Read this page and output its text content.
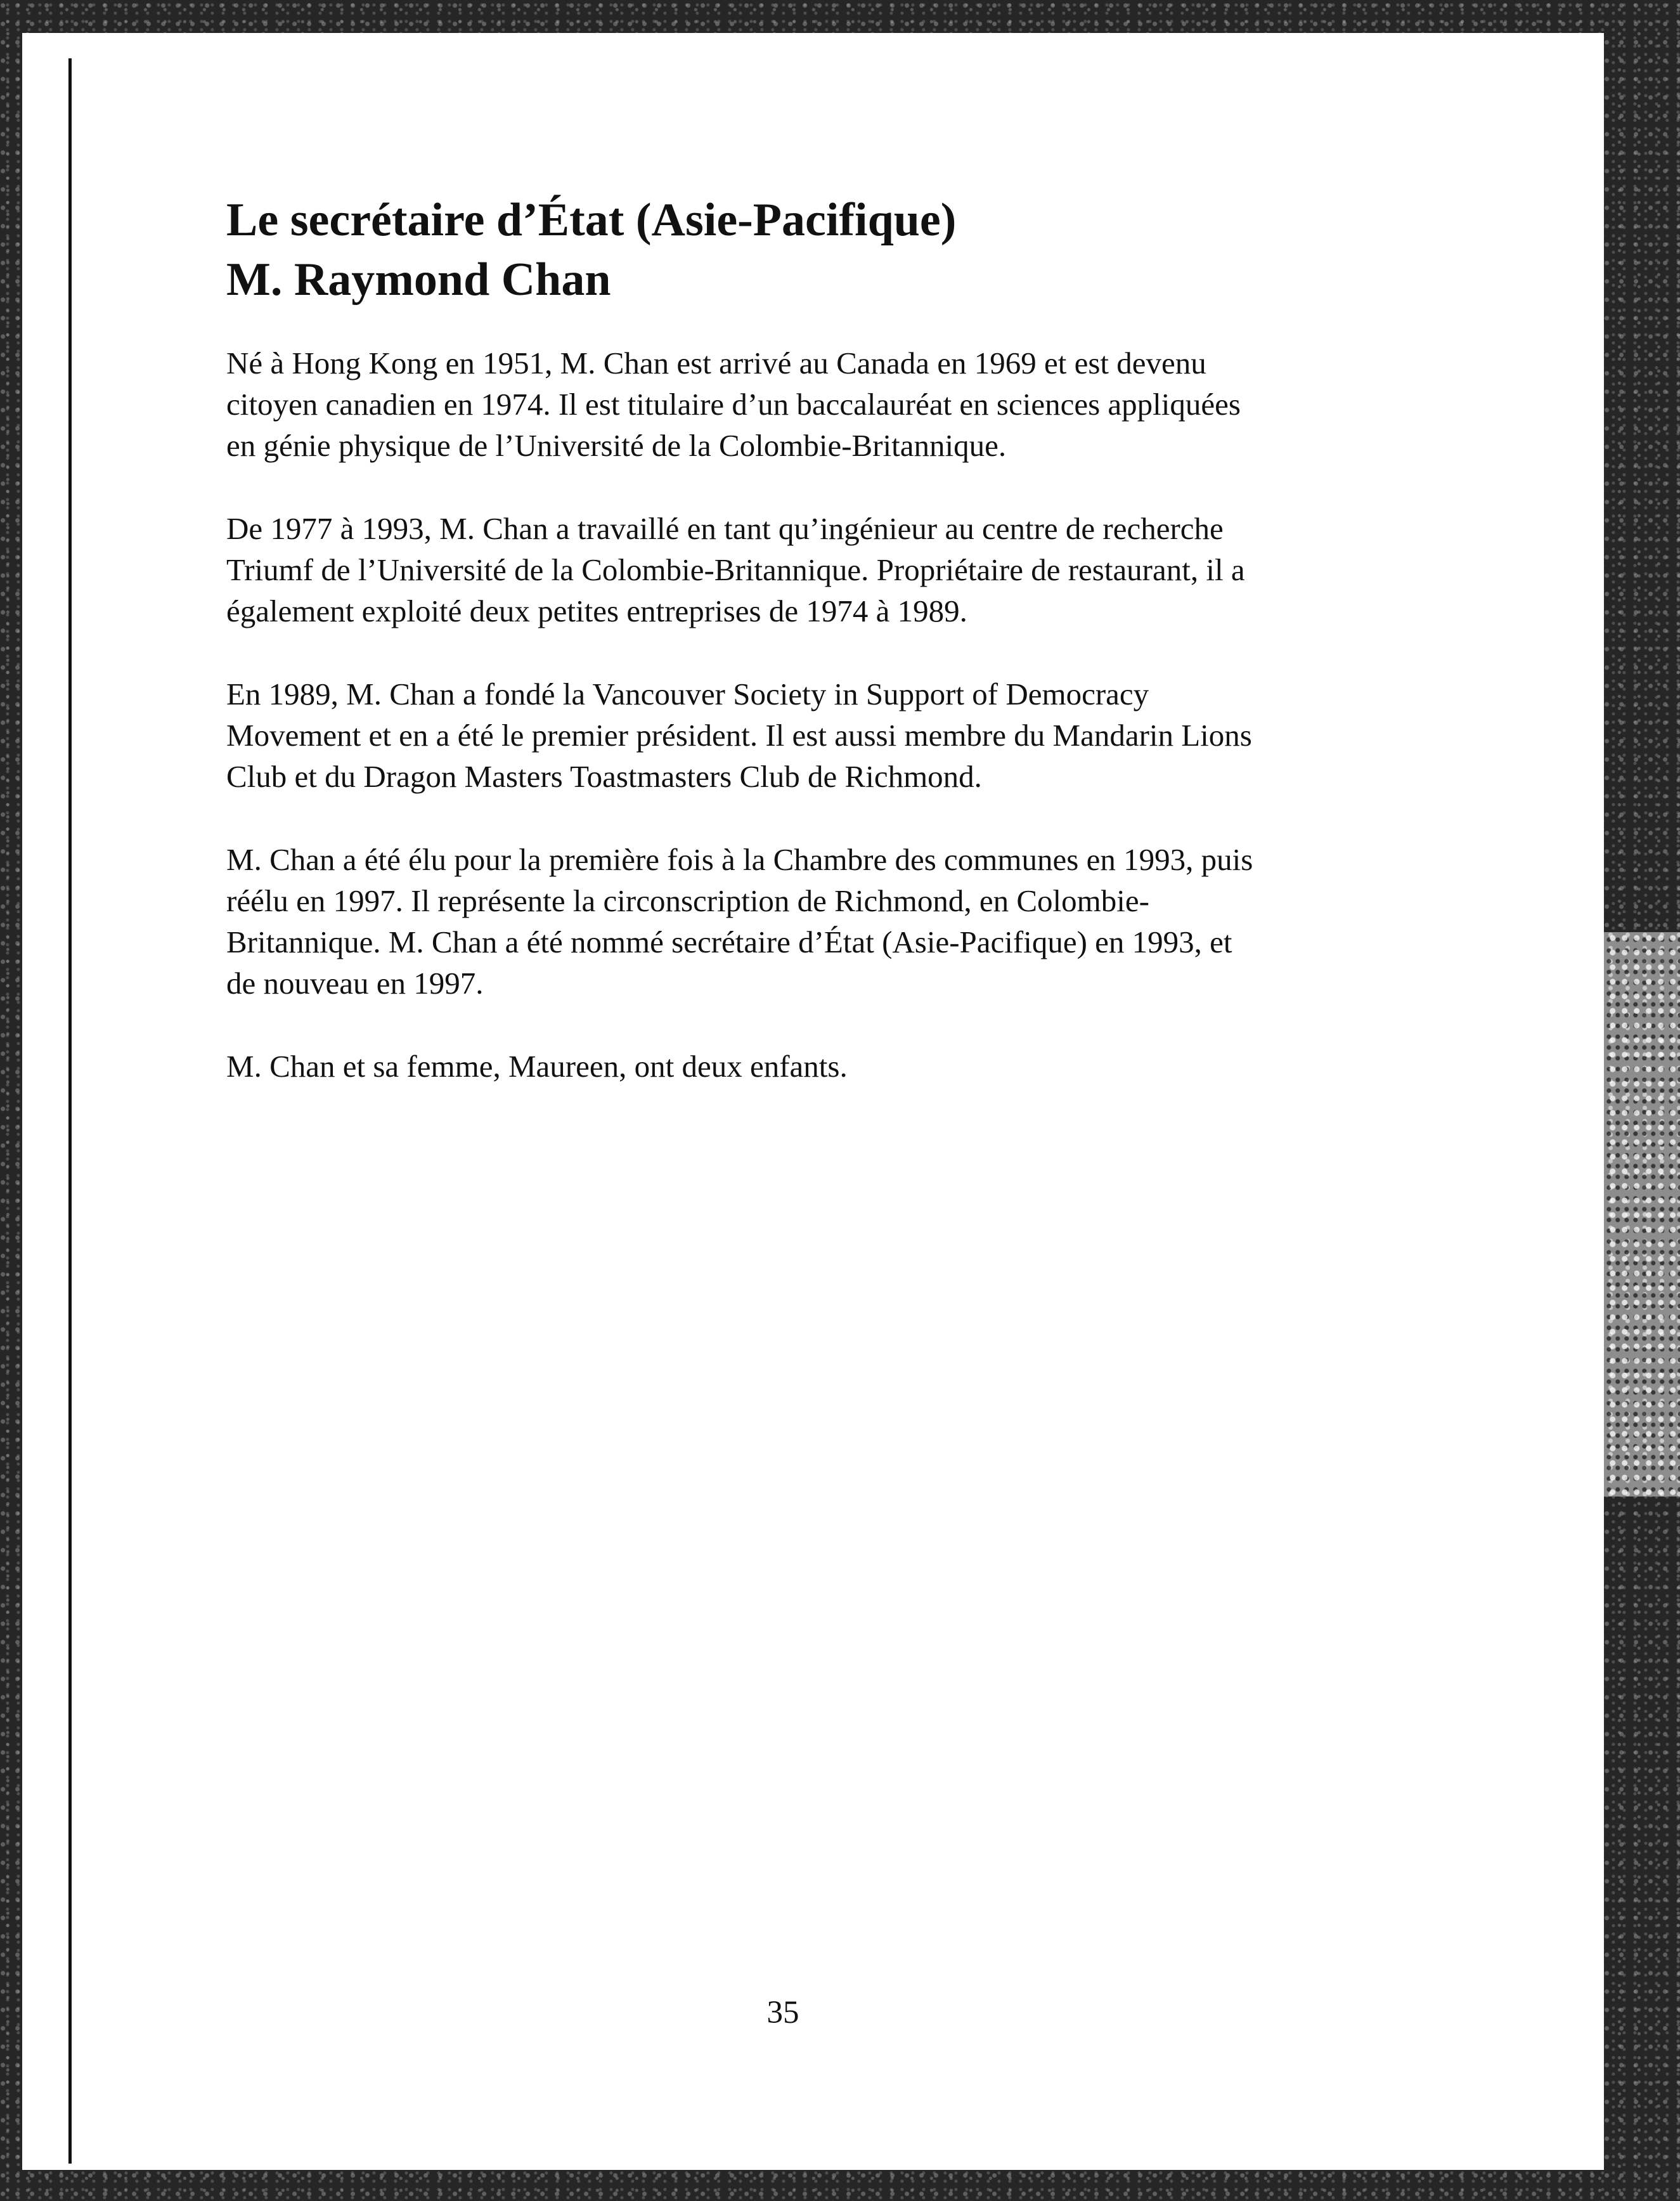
Le secrétaire d’État (Asie-Pacifique)
M. Raymond Chan

Né à Hong Kong en 1951, M. Chan est arrivé au Canada en 1969 et est devenu
citoyen canadien en 1974. Il est titulaire d’un baccalauréat en sciences appliquées
en génie physique de l’Université de la Colombie-Britannique.

De 1977 à 1993, M. Chan a travaillé en tant qu’ingénieur au centre de recherche
Triumf de l’Université de la Colombie-Britannique. Propriétaire de restaurant, il a
également exploité deux petites entreprises de 1974 à 1989.

En 1989, M. Chan a fondé la Vancouver Society in Support of Democracy
Movement et en a été le premier président. Il est aussi membre du Mandarin Lions
Club et du Dragon Masters Toastmasters Club de Richmond.

M. Chan a été élu pour la première fois à la Chambre des communes en 1993, puis
réélu en 1997. Il représente la circonscription de Richmond, en Colombie-
Britannique. M. Chan a été nommé secrétaire d’État (Asie-Pacifique) en 1993, et
de nouveau en 1997.

M. Chan et sa femme, Maureen, ont deux enfants.

35
